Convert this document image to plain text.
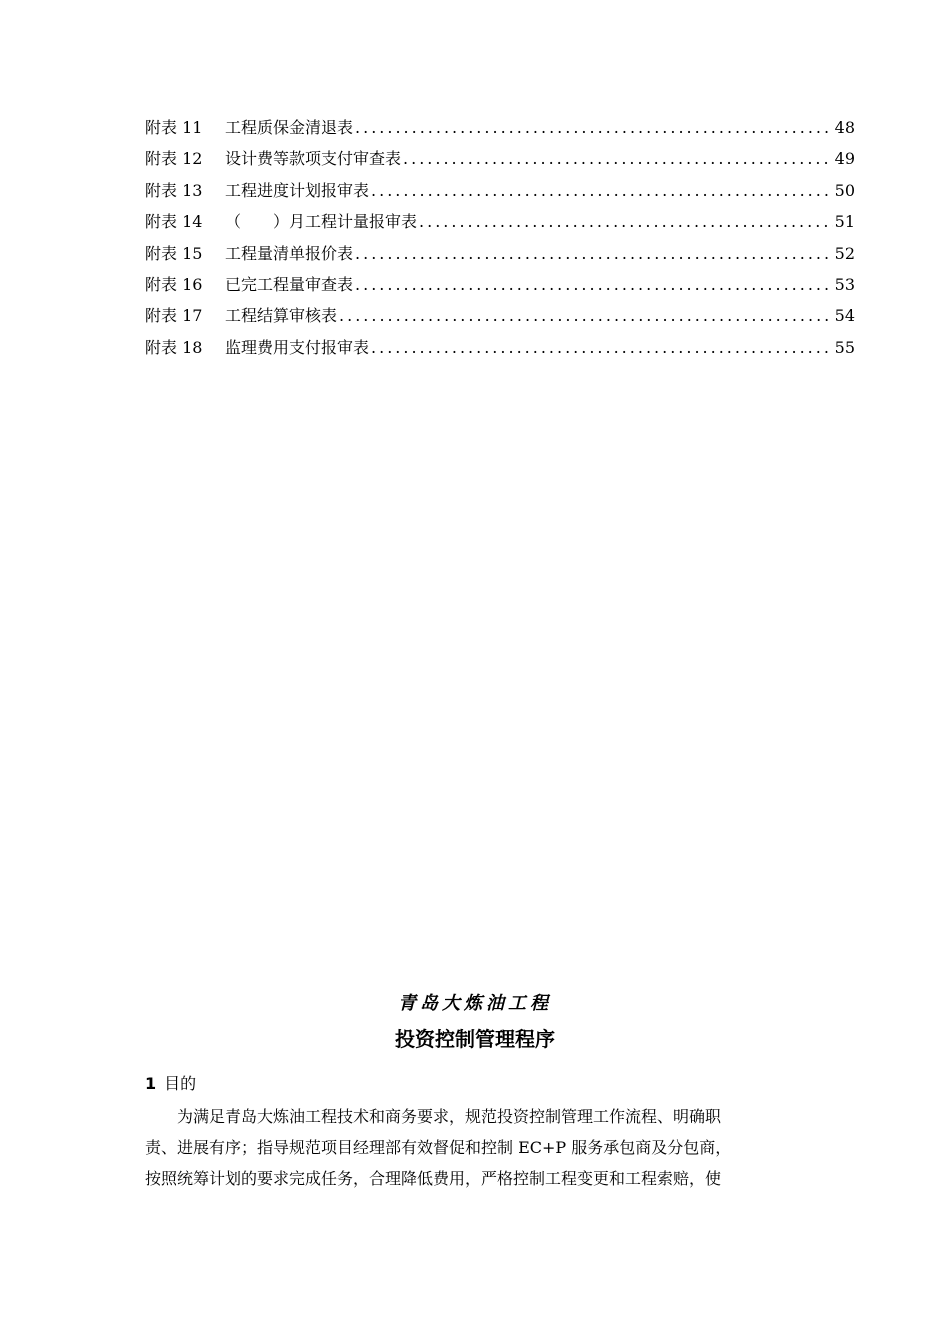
附表 11	工程质保金清退表 .....	48
附表 12	设计费等款项支付审查表 .....	49
附表 13	工程进度计划报审表 .....	50
附表 14	（　　）月工程计量报审表 .....	51
附表 15	工程量清单报价表 .....	52
附表 16	已完工程量审查表 .....	53
附表 17	工程结算审核表 .....	54
附表 18	监理费用支付报审表 .....	55
青岛大炼油工程
投资控制管理程序
1 目的
为满足青岛大炼油工程技术和商务要求，规范投资控制管理工作流程、明确职
责、进展有序；指导规范项目经理部有效督促和控制 EC+P 服务承包商及分包商，
按照统筹计划的要求完成任务，合理降低费用，严格控制工程变更和工程索赔，使
